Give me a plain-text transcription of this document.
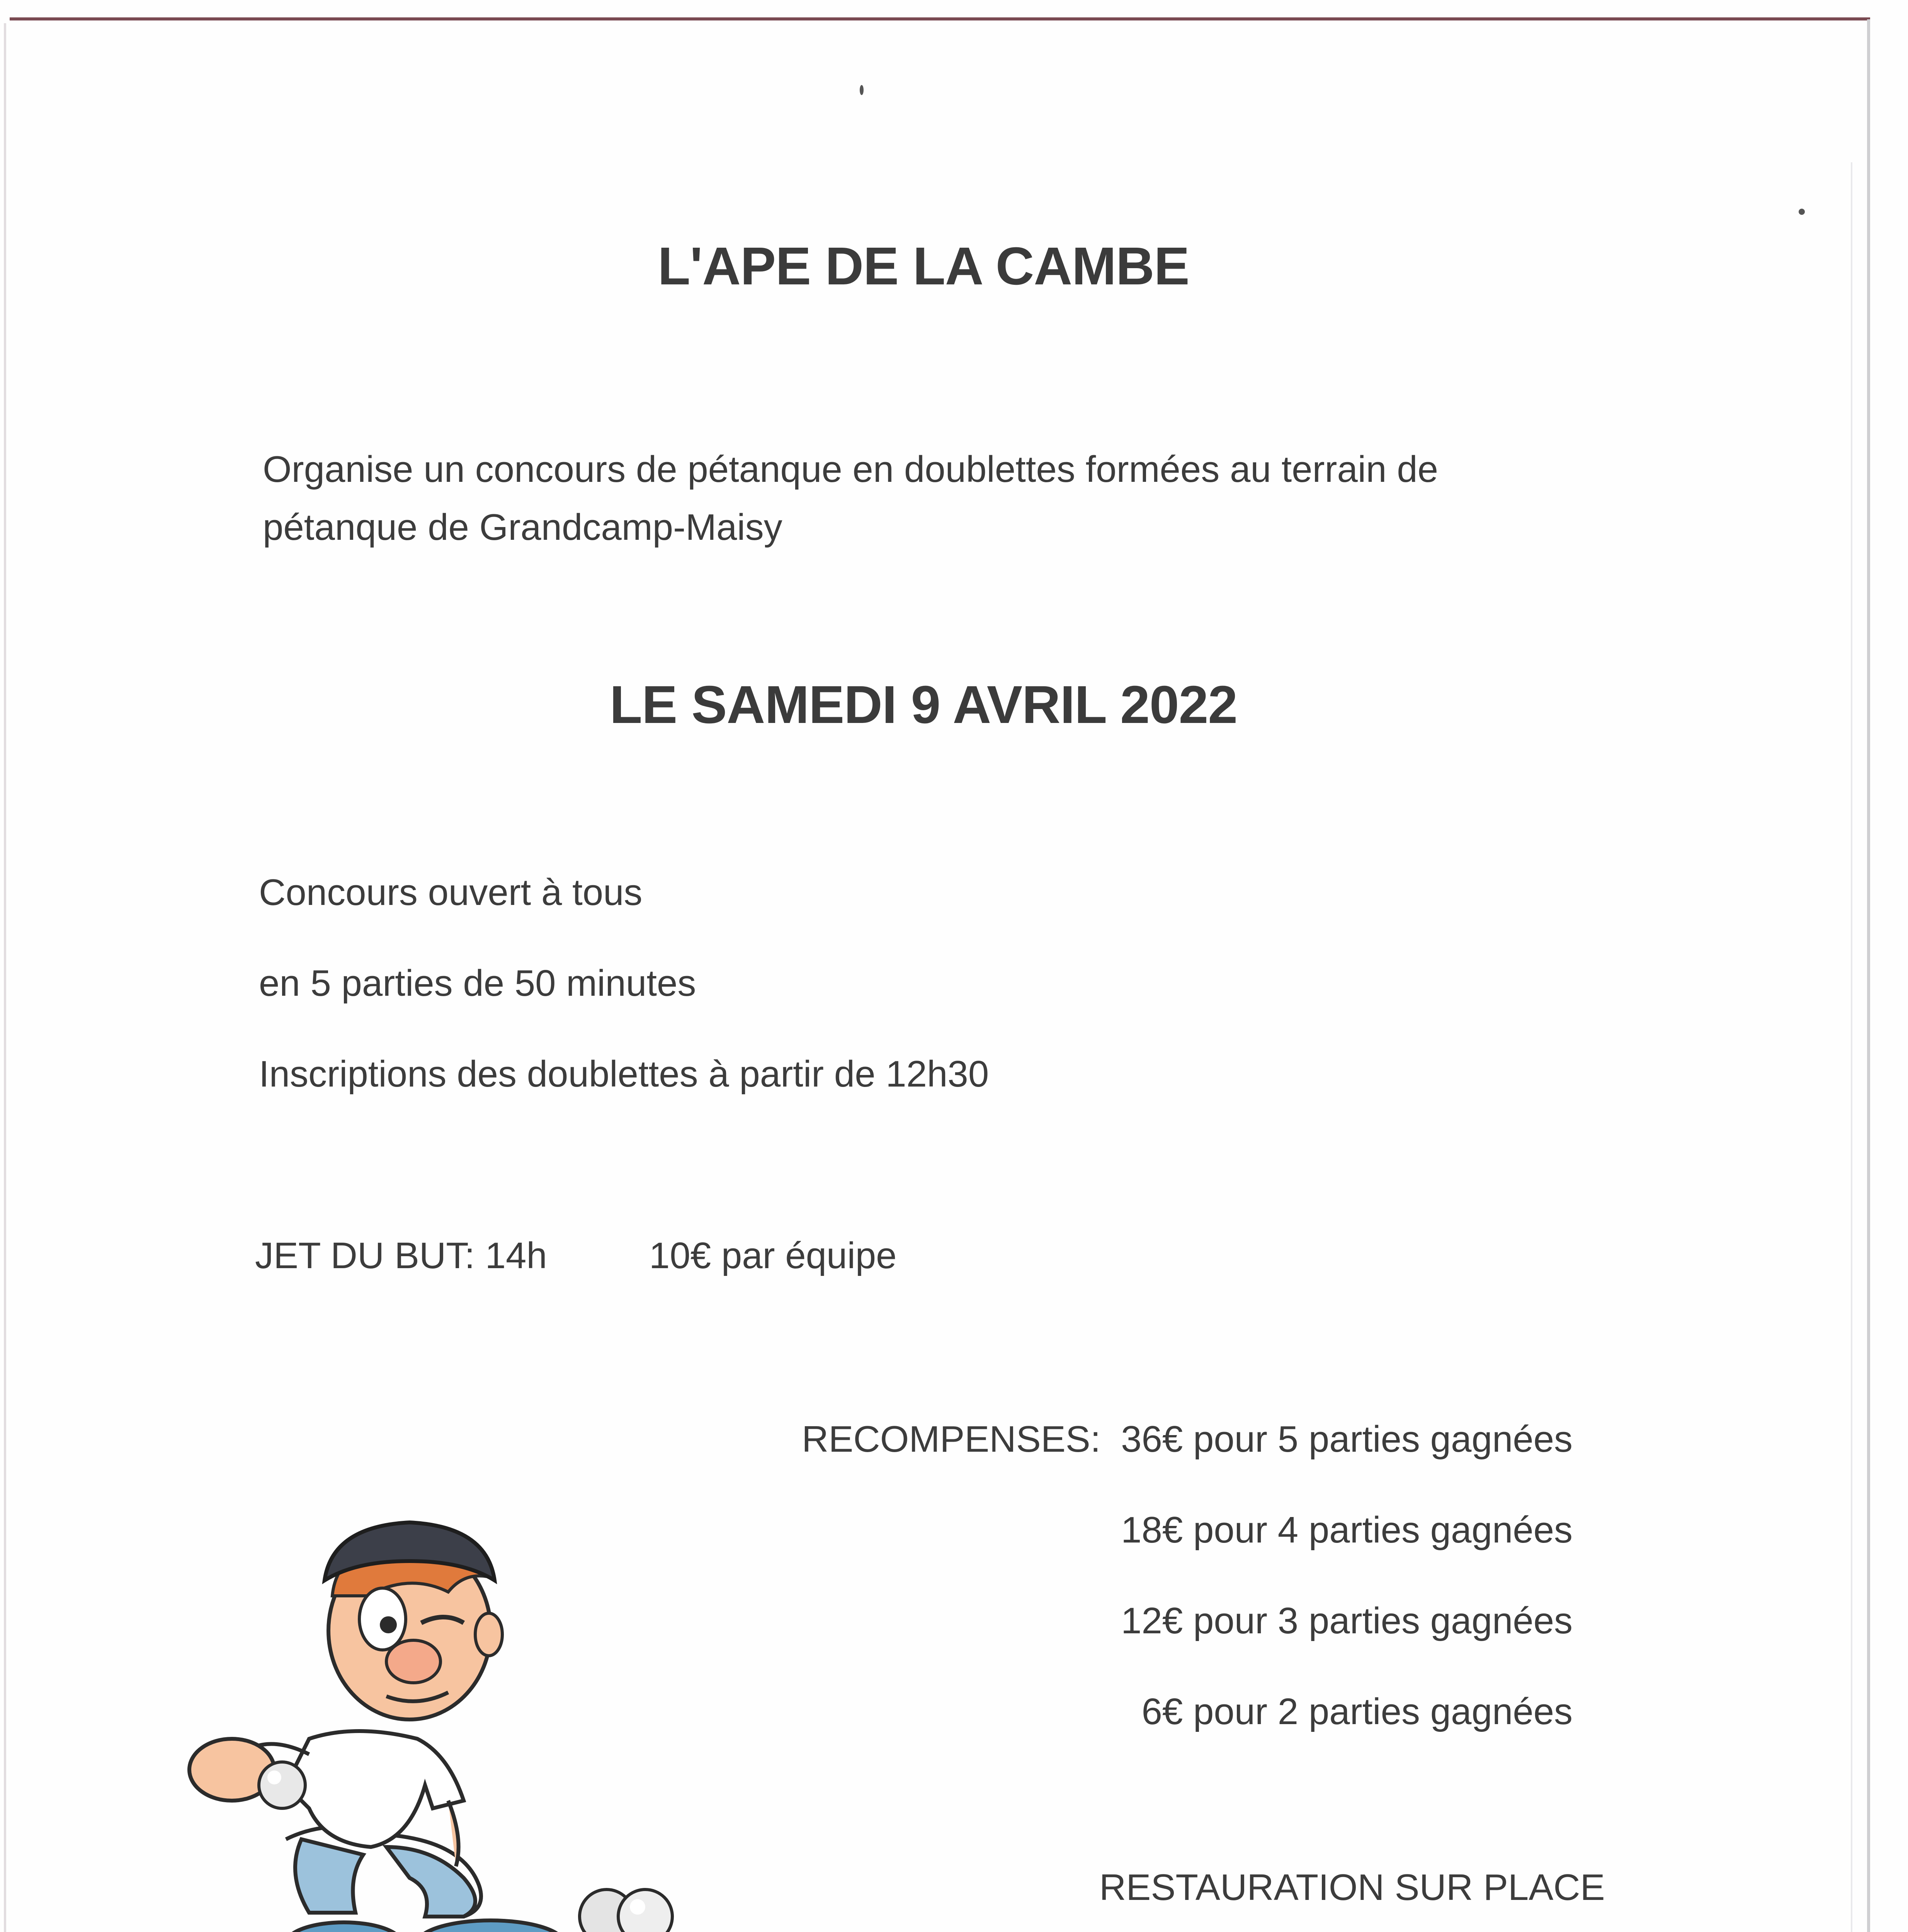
L'APE DE LA CAMBE
Organise un concours de pétanque en doublettes formées au terrain de
pétanque de Grandcamp-Maisy
LE SAMEDI 9 AVRIL 2022
Concours ouvert à tous
en 5 parties de 50 minutes
Inscriptions des doublettes à partir de 12h30
JET DU BUT: 14h	10€ par équipe
RECOMPENSES: 36€ pour 5 parties gagnées
18€ pour 4 parties gagnées
12€ pour 3 parties gagnées
6€ pour 2 parties gagnées
RESTAURATION SUR PLACE
